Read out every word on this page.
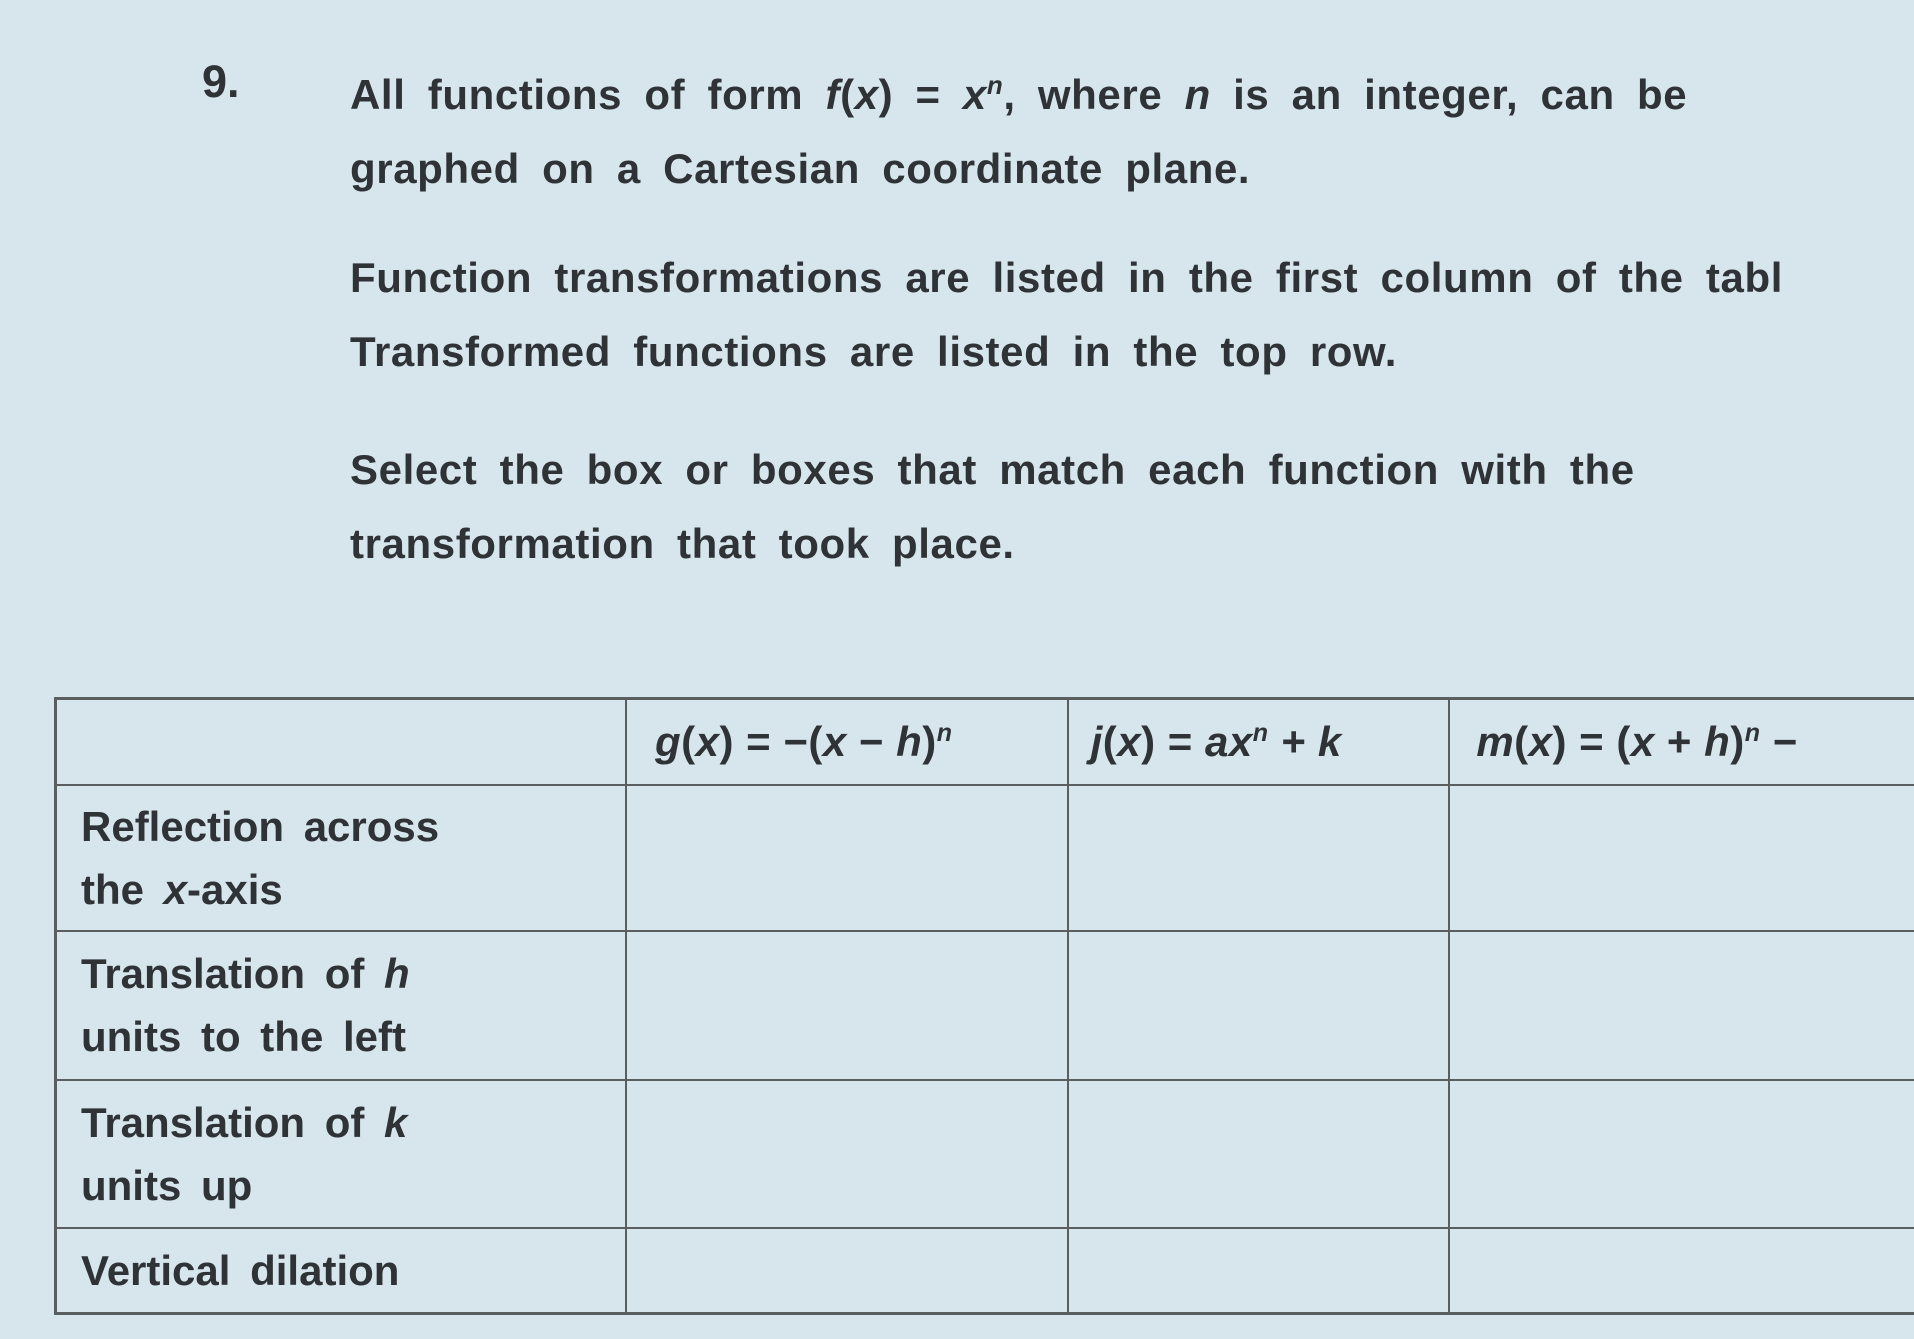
9.	All functions of form $f(x) = x^n$, where n is an integer, can be
graphed on a Cartesian coordinate plane.
Function transformations are listed in the first column of the tabl
Transformed functions are listed in the top row.
Select the box or boxes that match each function with the
transformation that took place.
	$g(x) = -(x - h)^n$	$j(x) = ax^n + k$	$m(x) = (x + h)^n$ −

Reflection across
the x-axis			

Translation of h
units to the left			

Translation of k
units up			

Vertical dilation			
